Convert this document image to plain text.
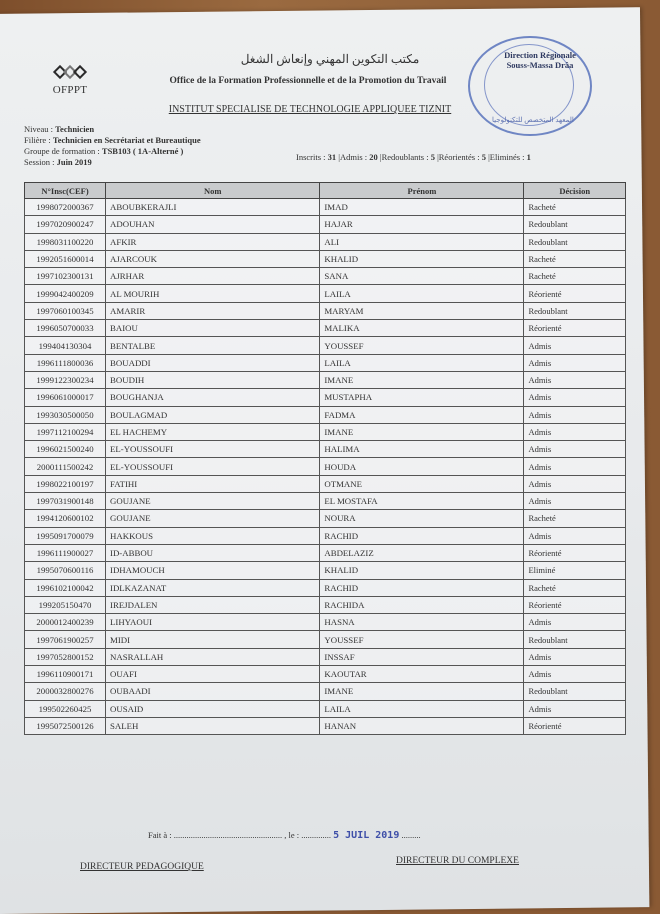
OFPPT
مكتب التكوين المهني وإنعاش الشغل
Office de la Formation Professionnelle et de la Promotion du Travail
INSTITUT SPECIALISE DE TECHNOLOGIE APPLIQUEE TIZNIT
Direction Régionale
Souss-Massa Drâa
المعهد المتخصص للتكنولوجيا
Niveau : Technicien
Filière : Technicien en Secrétariat et Bureautique
Groupe de formation : TSB103 ( 1A-Alterné )
Session : Juin 2019	Inscrits : 31 |Admis : 20 |Redoublants : 5 |Réorientés : 5 |Eliminés : 1
N°Insc(CEF)	Nom	Prénom	Décision
1998072000367	ABOUBKERAJLI	IMAD	Racheté
1997020900247	ADOUHAN	HAJAR	Redoublant
1998031100220	AFKIR	ALI	Redoublant
1992051600014	AJARCOUK	KHALID	Racheté
1997102300131	AJRHAR	SANA	Racheté
1999042400209	AL MOURIH	LAILA	Réorienté
1997060100345	AMARIR	MARYAM	Redoublant
1996050700033	BAIOU	MALIKA	Réorienté
199404130304	BENTALBE	YOUSSEF	Admis
1996111800036	BOUADDI	LAILA	Admis
1999122300234	BOUDIH	IMANE	Admis
1996061000017	BOUGHANJA	MUSTAPHA	Admis
1993030500050	BOULAGMAD	FADMA	Admis
1997112100294	EL HACHEMY	IMANE	Admis
1996021500240	EL-YOUSSOUFI	HALIMA	Admis
2000111500242	EL-YOUSSOUFI	HOUDA	Admis
1998022100197	FATIHI	OTMANE	Admis
1997031900148	GOUJANE	EL MOSTAFA	Admis
1994120600102	GOUJANE	NOURA	Racheté
1995091700079	HAKKOUS	RACHID	Admis
1996111900027	ID-ABBOU	ABDELAZIZ	Réorienté
1995070600116	IDHAMOUCH	KHALID	Eliminé
1996102100042	IDLKAZANAT	RACHID	Racheté
199205150470	IREJDALEN	RACHIDA	Réorienté
2000012400239	LIHYAOUI	HASNA	Admis
1997061900257	MIDI	YOUSSEF	Redoublant
1997052800152	NASRALLAH	INSSAF	Admis
1996110900171	OUAFI	KAOUTAR	Admis
2000032800276	OUBAADI	IMANE	Redoublant
199502260425	OUSAID	LAILA	Admis
1995072500126	SALEH	HANAN	Réorienté
Fait à : ................................................... , le : .............. 5 JUIL 2019 .........
DIRECTEUR PEDAGOGIQUE
DIRECTEUR DU COMPLEXE
